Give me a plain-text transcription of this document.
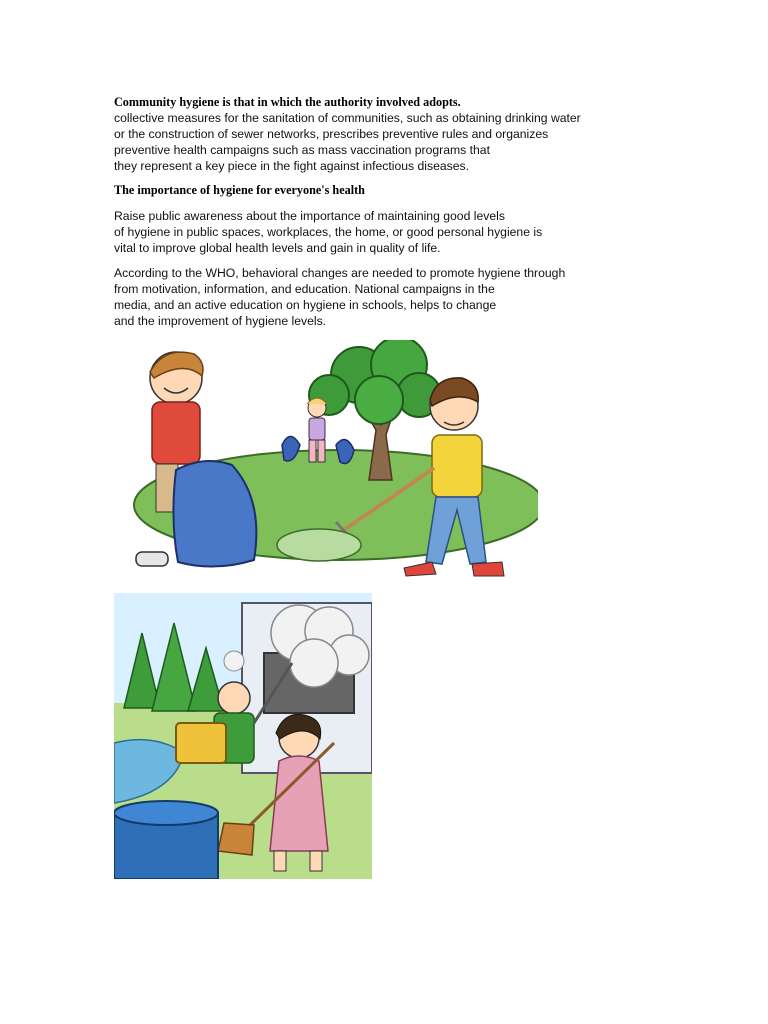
Community hygiene is that in which the authority involved adopts.

collective measures for the sanitation of communities, such as obtaining drinking water
or the construction of sewer networks, prescribes preventive rules and organizes
preventive health campaigns such as mass vaccination programs that
they represent a key piece in the fight against infectious diseases.

The importance of hygiene for everyone's health

Raise public awareness about the importance of maintaining good levels
of hygiene in public spaces, workplaces, the home, or good personal hygiene is
vital to improve global health levels and gain in quality of life.
According to the WHO, behavioral changes are needed to promote hygiene through
from motivation, information, and education. National campaigns in the
media, and an active education on hygiene in schools, helps to change
and the improvement of hygiene levels.
